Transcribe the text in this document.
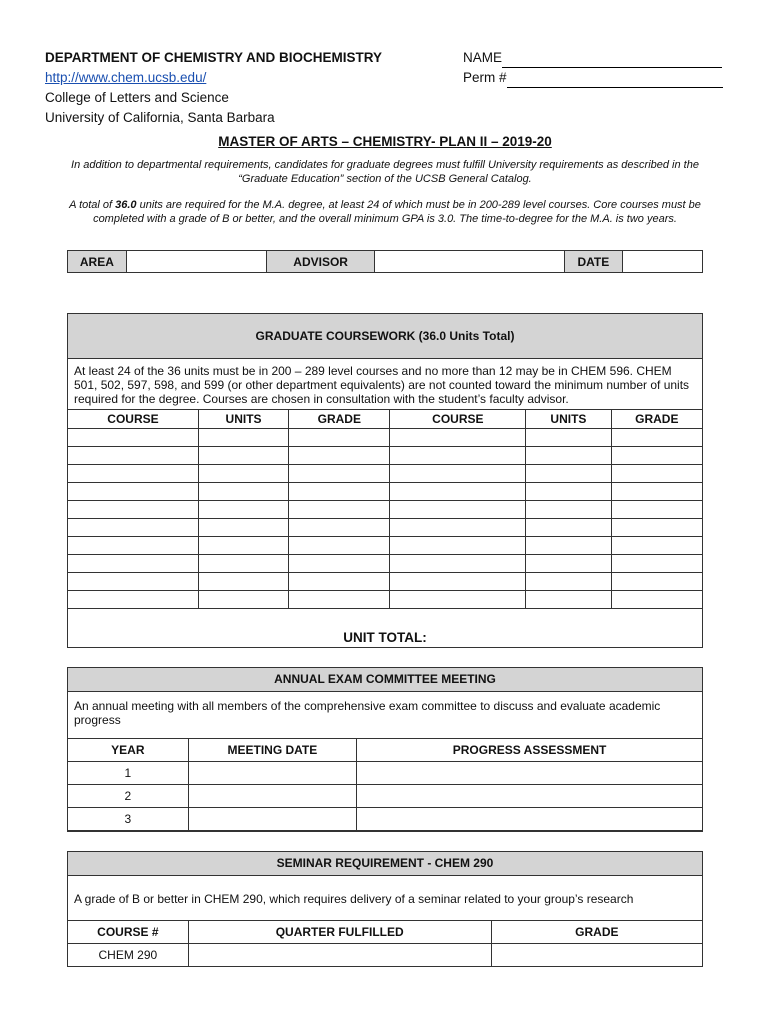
DEPARTMENT OF CHEMISTRY AND BIOCHEMISTRY
http://www.chem.ucsb.edu/
College of Letters and Science
University of California, Santa Barbara
NAME
Perm #
MASTER OF ARTS – CHEMISTRY- PLAN II – 2019-20
In addition to departmental requirements, candidates for graduate degrees must fulfill University requirements as described in the “Graduate Education” section of the UCSB General Catalog.
A total of 36.0 units are required for the M.A. degree, at least 24 of which must be in 200-289 level courses. Core courses must be completed with a grade of B or better, and the overall minimum GPA is 3.0. The time-to-degree for the M.A. is two years.
AREA		ADVISOR		DATE	
GRADUATE COURSEWORK (36.0 Units Total)
At least 24 of the 36 units must be in 200 – 289 level courses and no more than 12 may be in CHEM 596. CHEM 501, 502, 597, 598, and 599 (or other department equivalents) are not counted toward the minimum number of units required for the degree. Courses are chosen in consultation with the student’s faculty advisor.
COURSE	UNITS	GRADE	COURSE	UNITS	GRADE

UNIT TOTAL:
ANNUAL EXAM COMMITTEE MEETING
An annual meeting with all members of the comprehensive exam committee to discuss and evaluate academic progress
YEAR	MEETING DATE	PROGRESS ASSESSMENT
1		
2		
3		
SEMINAR REQUIREMENT - CHEM 290
A grade of B or better in CHEM 290, which requires delivery of a seminar related to your group’s research
COURSE #	QUARTER FULFILLED	GRADE
CHEM 290		
